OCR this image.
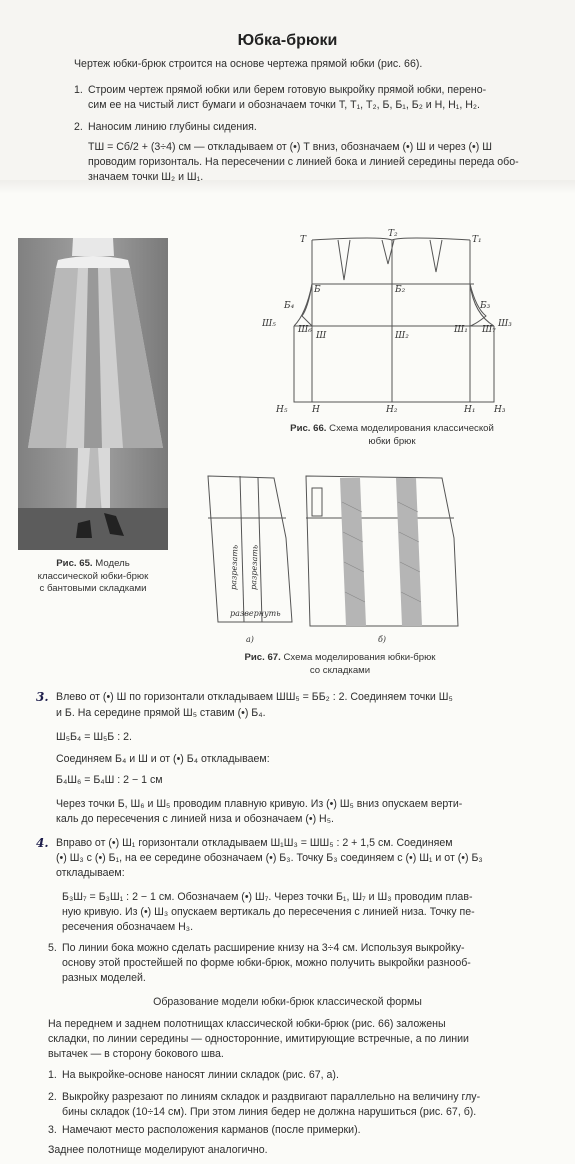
Юбка-брюки
Чертеж юбки-брюк строится на основе чертежа прямой юбки (рис. 66).
1. Строим чертеж прямой юбки или берем готовую выкройку прямой юбки, перено-
сим ее на чистый лист бумаги и обозначаем точки Т, Т₁, Т₂, Б, Б₁, Б₂ и Н, Н₁, Н₂.
2. Наносим линию глубины сидения.
ТШ = Сб/2 + (3÷4) см — откладываем от (•) Т вниз, обозначаем (•) Ш и через (•) Ш
проводим горизонталь. На пересечении с линией бока и линией середины переда обо-
значаем точки Ш₂ и Ш₁.
Рис. 65. Модель
классической юбки-брюк
с бантовыми складками
Т
Т₂
Т₁
Б	Б₂
Б₄	Б₃
Ш₅
Ш₆
Ш	Ш₂
Ш₁ Ш₇
Ш₃
Н₅	Н	Н₂	Н₁ Н₃
Рис. 66. Схема моделирования классической
юбки брюк
разрезать разрезать
развернуть
а)	б)
Рис. 67. Схема моделирования юбки-брюк
со складками
3. Влево от (•) Ш по горизонтали откладываем ШШ₅ = ББ₂ : 2. Соединяем точки Ш₅
и Б. На середине прямой Ш₅ ставим (•) Б₄.
Ш₅Б₄ = Ш₅Б : 2.
Соединяем Б₄ и Ш и от (•) Б₄ откладываем:
Б₄Ш₆ = Б₄Ш : 2 − 1 см
Через точки Б, Ш₆ и Ш₅ проводим плавную кривую. Из (•) Ш₅ вниз опускаем верти-
каль до пересечения с линией низа и обозначаем (•) Н₅.
4. Вправо от (•) Ш₁ горизонтали откладываем Ш₁Ш₃ = ШШ₅ : 2 + 1,5 см. Соединяем
(•) Ш₃ с (•) Б₁, на ее середине обозначаем (•) Б₃. Точку Б₃ соединяем с (•) Ш₁ и от (•) Б₃
откладываем:
Б₃Ш₇ = Б₃Ш₁ : 2 − 1 см. Обозначаем (•) Ш₇. Через точки Б₁, Ш₇ и Ш₃ проводим плав-
ную кривую. Из (•) Ш₃ опускаем вертикаль до пересечения с линией низа. Точку пе-
ресечения обозначаем Н₃.
5. По линии бока можно сделать расширение книзу на 3÷4 см. Используя выкройку-
основу этой простейшей по форме юбки-брюк, можно получить выкройки разнооб-
разных моделей.
Образование модели юбки-брюк классической формы
На переднем и заднем полотнищах классической юбки-брюк (рис. 66) заложены
складки, по линии середины — односторонние, имитирующие встречные, а по линии
вытачек — в сторону бокового шва.
1. На выкройке-основе наносят линии складок (рис. 67, а).
2. Выкройку разрезают по линиям складок и раздвигают параллельно на величину глу-
бины складок (10÷14 см). При этом линия бедер не должна нарушиться (рис. 67, б).
3. Намечают место расположения карманов (после примерки).
Заднее полотнище моделируют аналогично.
